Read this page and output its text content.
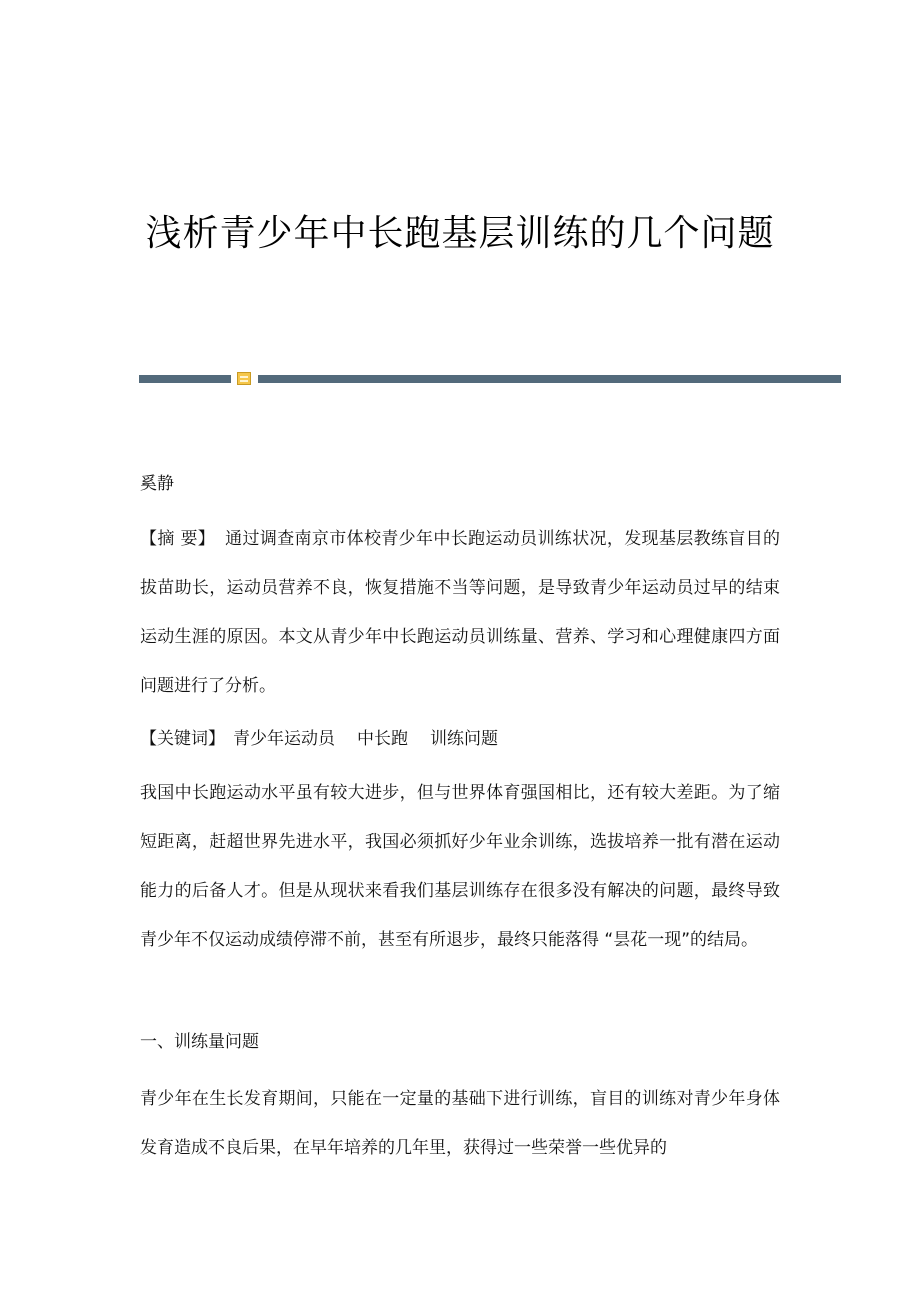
浅析青少年中长跑基层训练的几个问题
奚静
【摘 要】 通过调查南京市体校青少年中长跑运动员训练状况，发现基层教练盲目的拔苗助长，运动员营养不良，恢复措施不当等问题，是导致青少年运动员过早的结束运动生涯的原因。本文从青少年中长跑运动员训练量、营养、学习和心理健康四方面问题进行了分析。
【关键词】 青少年运动员 中长跑 训练问题
我国中长跑运动水平虽有较大进步，但与世界体育强国相比，还有较大差距。为了缩短距离，赶超世界先进水平，我国必须抓好少年业余训练，选拔培养一批有潜在运动能力的后备人才。但是从现状来看我们基层训练存在很多没有解决的问题，最终导致青少年不仅运动成绩停滞不前，甚至有所退步，最终只能落得 “昙花一现”的结局。
一、训练量问题
青少年在生长发育期间，只能在一定量的基础下进行训练，盲目的训练对青少年身体发育造成不良后果，在早年培养的几年里，获得过一些荣誉一些优异的
